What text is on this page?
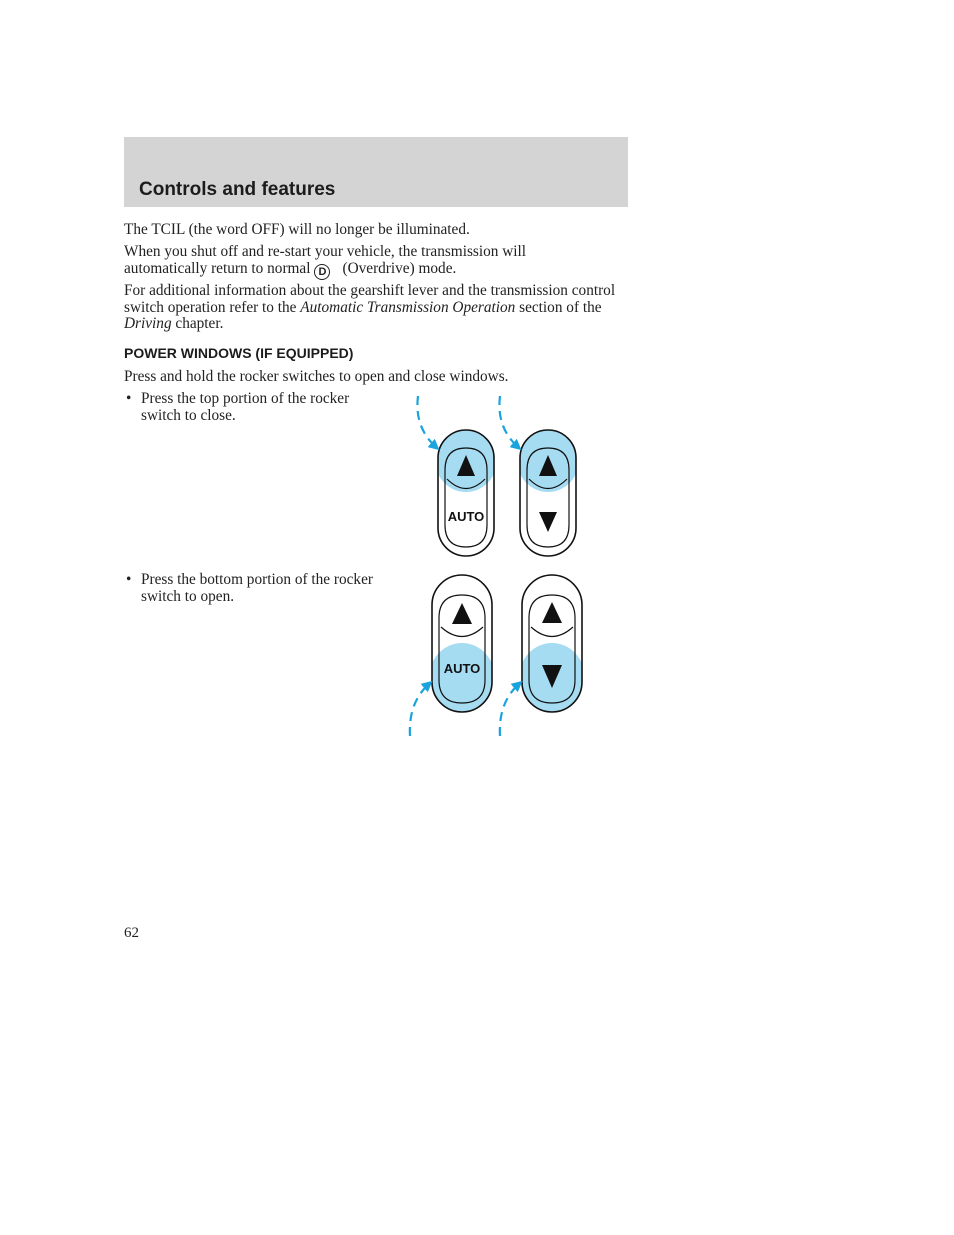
Controls and features

The TCIL (the word OFF) will no longer be illuminated.

When you shut off and re-start your vehicle, the transmission will automatically return to normal D (Overdrive) mode.

For additional information about the gearshift lever and the transmission control switch operation refer to the Automatic Transmission Operation section of the Driving chapter.

POWER WINDOWS (IF EQUIPPED)

Press and hold the rocker switches to open and close windows.

• Press the top portion of the rocker switch to close.
• Press the bottom portion of the rocker switch to open.
AUTO
AUTO

62
